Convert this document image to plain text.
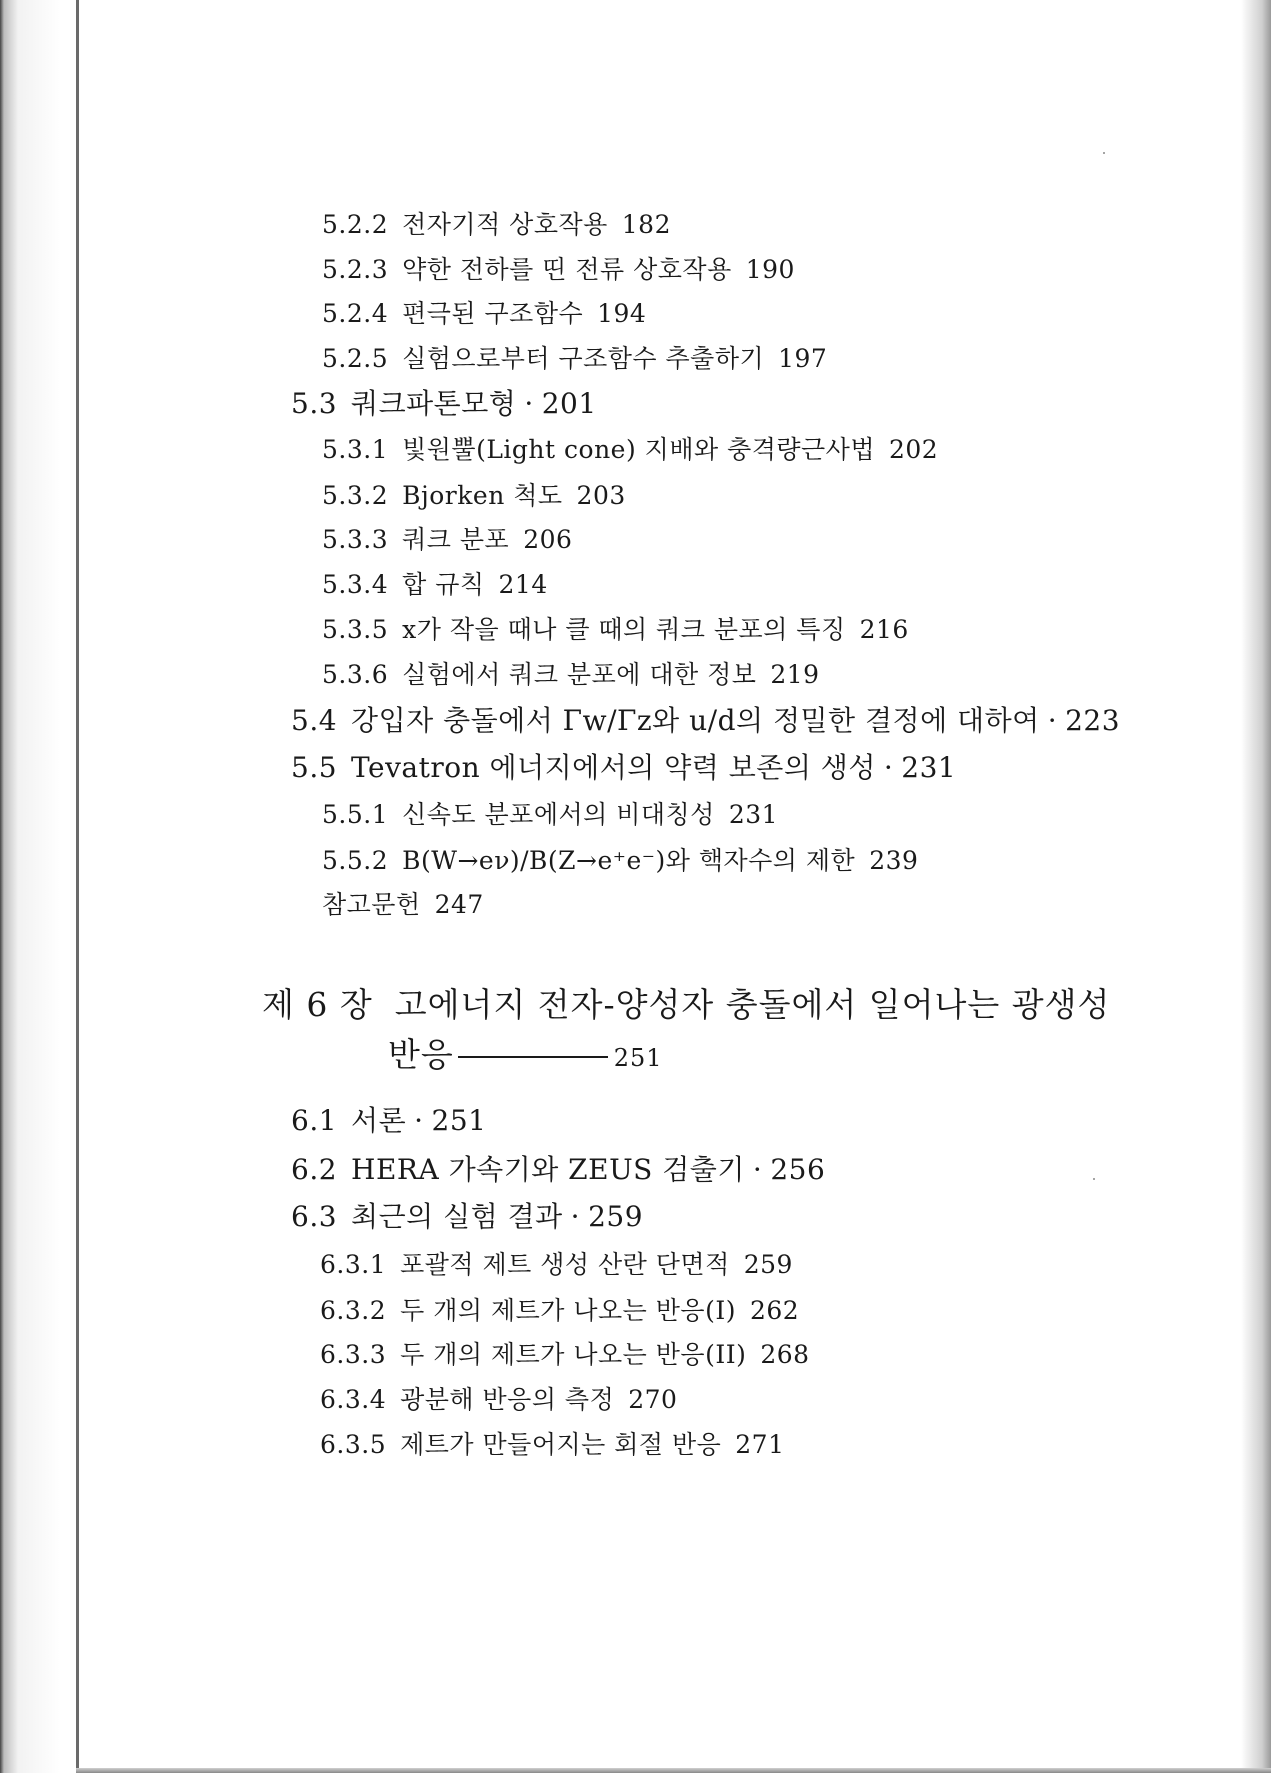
5.2.2 전자기적 상호작용 182
5.2.3 약한 전하를 띤 전류 상호작용 190
5.2.4 편극된 구조함수 194
5.2.5 실험으로부터 구조함수 추출하기 197
5.3 쿼크파톤모형 · 201
5.3.1 빛원뿔(Light cone) 지배와 충격량근사법 202
5.3.2 Bjorken 척도 203
5.3.3 쿼크 분포 206
5.3.4 합 규칙 214
5.3.5 x가 작을 때나 클 때의 쿼크 분포의 특징 216
5.3.6 실험에서 쿼크 분포에 대한 정보 219
5.4 강입자 충돌에서 Γw/Γz와 u/d의 정밀한 결정에 대하여 · 223
5.5 Tevatron 에너지에서의 약력 보존의 생성 · 231
5.5.1 신속도 분포에서의 비대칭성 231
5.5.2 B(W→eν)/B(Z→e⁺e⁻)와 핵자수의 제한 239
참고문헌 247
제 6 장 고에너지 전자-양성자 충돌에서 일어나는 광생성
반응	251
6.1 서론 · 251
6.2 HERA 가속기와 ZEUS 검출기 · 256
6.3 최근의 실험 결과 · 259
6.3.1 포괄적 제트 생성 산란 단면적 259
6.3.2 두 개의 제트가 나오는 반응(I) 262
6.3.3 두 개의 제트가 나오는 반응(II) 268
6.3.4 광분해 반응의 측정 270
6.3.5 제트가 만들어지는 회절 반응 271
